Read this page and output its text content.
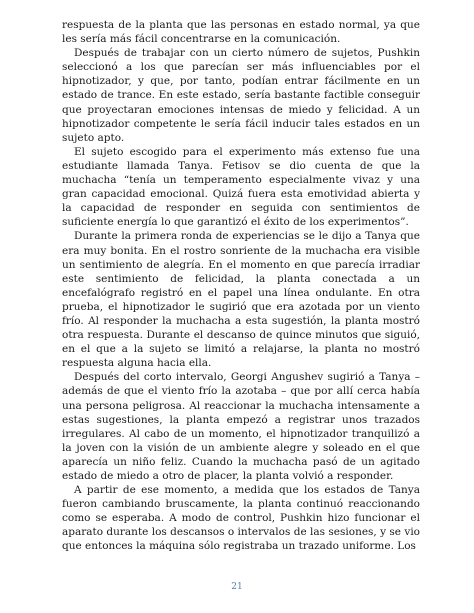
respuesta de la planta que las personas en estado normal, ya que les sería más fácil concentrarse en la comunicación.

Después de trabajar con un cierto número de sujetos, Pushkin seleccionó a los que parecían ser más influenciables por el hipnotizador, y que, por tanto, podían entrar fácilmente en un estado de trance. En este estado, sería bastante factible conseguir que proyectaran emociones intensas de miedo y felicidad. A un hipnotizador competente le sería fácil inducir tales estados en un sujeto apto.

El sujeto escogido para el experimento más extenso fue una estudiante llamada Tanya. Fetisov se dio cuenta de que la muchacha “tenía un temperamento especialmente vivaz y una gran capacidad emocional. Quizá fuera esta emotividad abierta y la capacidad de responder en seguida con sentimientos de suficiente energía lo que garantizó el éxito de los experimentos”.

Durante la primera ronda de experiencias se le dijo a Tanya que era muy bonita. En el rostro sonriente de la muchacha era visible un sentimiento de alegría. En el momento en que parecía irradiar este sentimiento de felicidad, la planta conectada a un encefalógrafo registró en el papel una línea ondulante. En otra prueba, el hipnotizador le sugirió que era azotada por un viento frío. Al responder la muchacha a esta sugestión, la planta mostró otra respuesta. Durante el descanso de quince minutos que siguió, en el que a la sujeto se limitó a relajarse, la planta no mostró respuesta alguna hacia ella.

Después del corto intervalo, Georgi Angushev sugirió a Tanya – además de que el viento frío la azotaba – que por allí cerca había una persona peligrosa. Al reaccionar la muchacha intensamente a estas sugestiones, la planta empezó a registrar unos trazados irregulares. Al cabo de un momento, el hipnotizador tranquilizó a la joven con la visión de un ambiente alegre y soleado en el que aparecía un niño feliz. Cuando la muchacha pasó de un agitado estado de miedo a otro de placer, la planta volvió a responder.

A partir de ese momento, a medida que los estados de Tanya fueron cambiando bruscamente, la planta continuó reaccionando como se esperaba. A modo de control, Pushkin hizo funcionar el aparato durante los descansos o intervalos de las sesiones, y se vio que entonces la máquina sólo registraba un trazado uniforme. Los

21
